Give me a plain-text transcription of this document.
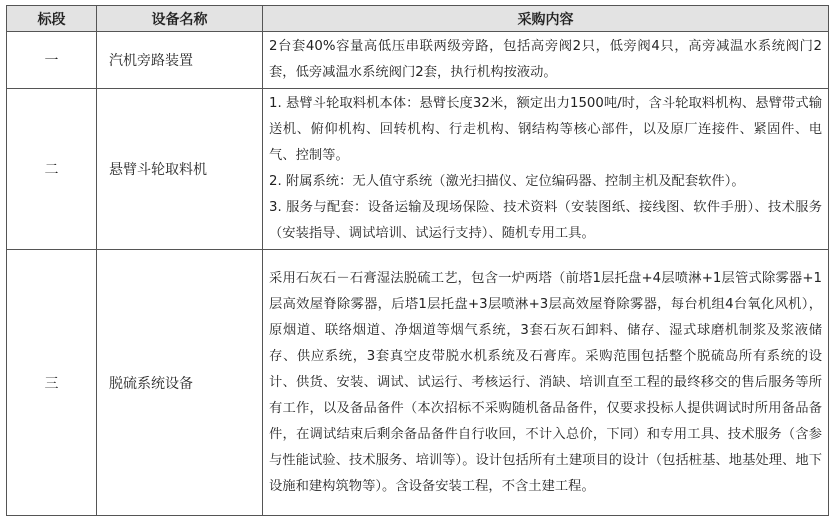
标段	设备名称	采购内容
一	汽机旁路装置	2台套40%容量高低压串联两级旁路，包括高旁阀2只，低旁阀4只，高旁减温水系统阀门2套，低旁减温水系统阀门2套，执行机构按液动。

二	悬臂斗轮取料机	1. 悬臂斗轮取料机本体：悬臂长度32米，额定出力1500吨/时，含斗轮取料机构、悬臂带式输送机、俯仰机构、回转机构、行走机构、钢结构等核心部件，以及原厂连接件、紧固件、电气、控制等。
2. 附属系统：无人值守系统（激光扫描仪、定位编码器、控制主机及配套软件）。
3. 服务与配套：设备运输及现场保险、技术资料（安装图纸、接线图、软件手册）、技术服务（安装指导、调试培训、试运行支持）、随机专用工具。

三	脱硫系统设备	采用石灰石－石膏湿法脱硫工艺，包含一炉两塔（前塔1层托盘+4层喷淋+1层管式除雾器+1层高效屋脊除雾器，后塔1层托盘+3层喷淋+3层高效屋脊除雾器，每台机组4台氧化风机），原烟道、联络烟道、净烟道等烟气系统，3套石灰石卸料、储存、湿式球磨机制浆及浆液储存、供应系统，3套真空皮带脱水机系统及石膏库。采购范围包括整个脱硫岛所有系统的设计、供货、安装、调试、试运行、考核运行、消缺、培训直至工程的最终移交的售后服务等所有工作，以及备品备件（本次招标不采购随机备品备件，仅要求投标人提供调试时所用备品备件，在调试结束后剩余备品备件自行收回，不计入总价，下同）和专用工具、技术服务（含参与性能试验、技术服务、培训等）。设计包括所有土建项目的设计（包括桩基、地基处理、地下设施和建构筑物等）。含设备安装工程，不含土建工程。
